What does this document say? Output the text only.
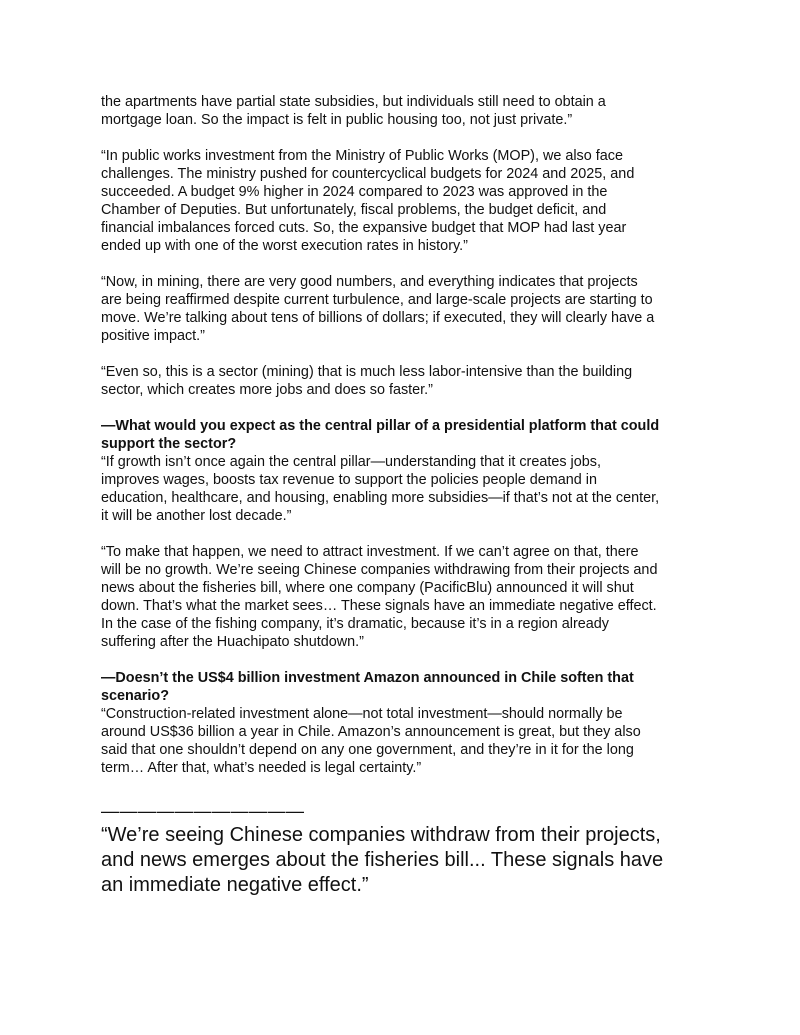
the apartments have partial state subsidies, but individuals still need to obtain a
mortgage loan. So the impact is felt in public housing too, not just private.”

“In public works investment from the Ministry of Public Works (MOP), we also face
challenges. The ministry pushed for countercyclical budgets for 2024 and 2025, and
succeeded. A budget 9% higher in 2024 compared to 2023 was approved in the
Chamber of Deputies. But unfortunately, fiscal problems, the budget deficit, and
financial imbalances forced cuts. So, the expansive budget that MOP had last year
ended up with one of the worst execution rates in history.”

“Now, in mining, there are very good numbers, and everything indicates that projects
are being reaffirmed despite current turbulence, and large-scale projects are starting to
move. We’re talking about tens of billions of dollars; if executed, they will clearly have a
positive impact.”

“Even so, this is a sector (mining) that is much less labor-intensive than the building
sector, which creates more jobs and does so faster.”

—What would you expect as the central pillar of a presidential platform that could
support the sector?

“If growth isn’t once again the central pillar—understanding that it creates jobs,
improves wages, boosts tax revenue to support the policies people demand in
education, healthcare, and housing, enabling more subsidies—if that’s not at the center,
it will be another lost decade.”

“To make that happen, we need to attract investment. If we can’t agree on that, there
will be no growth. We’re seeing Chinese companies withdrawing from their projects and
news about the fisheries bill, where one company (PacificBlu) announced it will shut
down. That’s what the market sees… These signals have an immediate negative effect.
In the case of the fishing company, it’s dramatic, because it’s in a region already
suffering after the Huachipato shutdown.”

—Doesn’t the US$4 billion investment Amazon announced in Chile soften that
scenario?

“Construction-related investment alone—not total investment—should normally be
around US$36 billion a year in Chile. Amazon’s announcement is great, but they also
said that one shouldn’t depend on any one government, and they’re in it for the long
term… After that, what’s needed is legal certainty.”

———————————

“We’re seeing Chinese companies withdraw from their projects,
and news emerges about the fisheries bill... These signals have
an immediate negative effect.”
